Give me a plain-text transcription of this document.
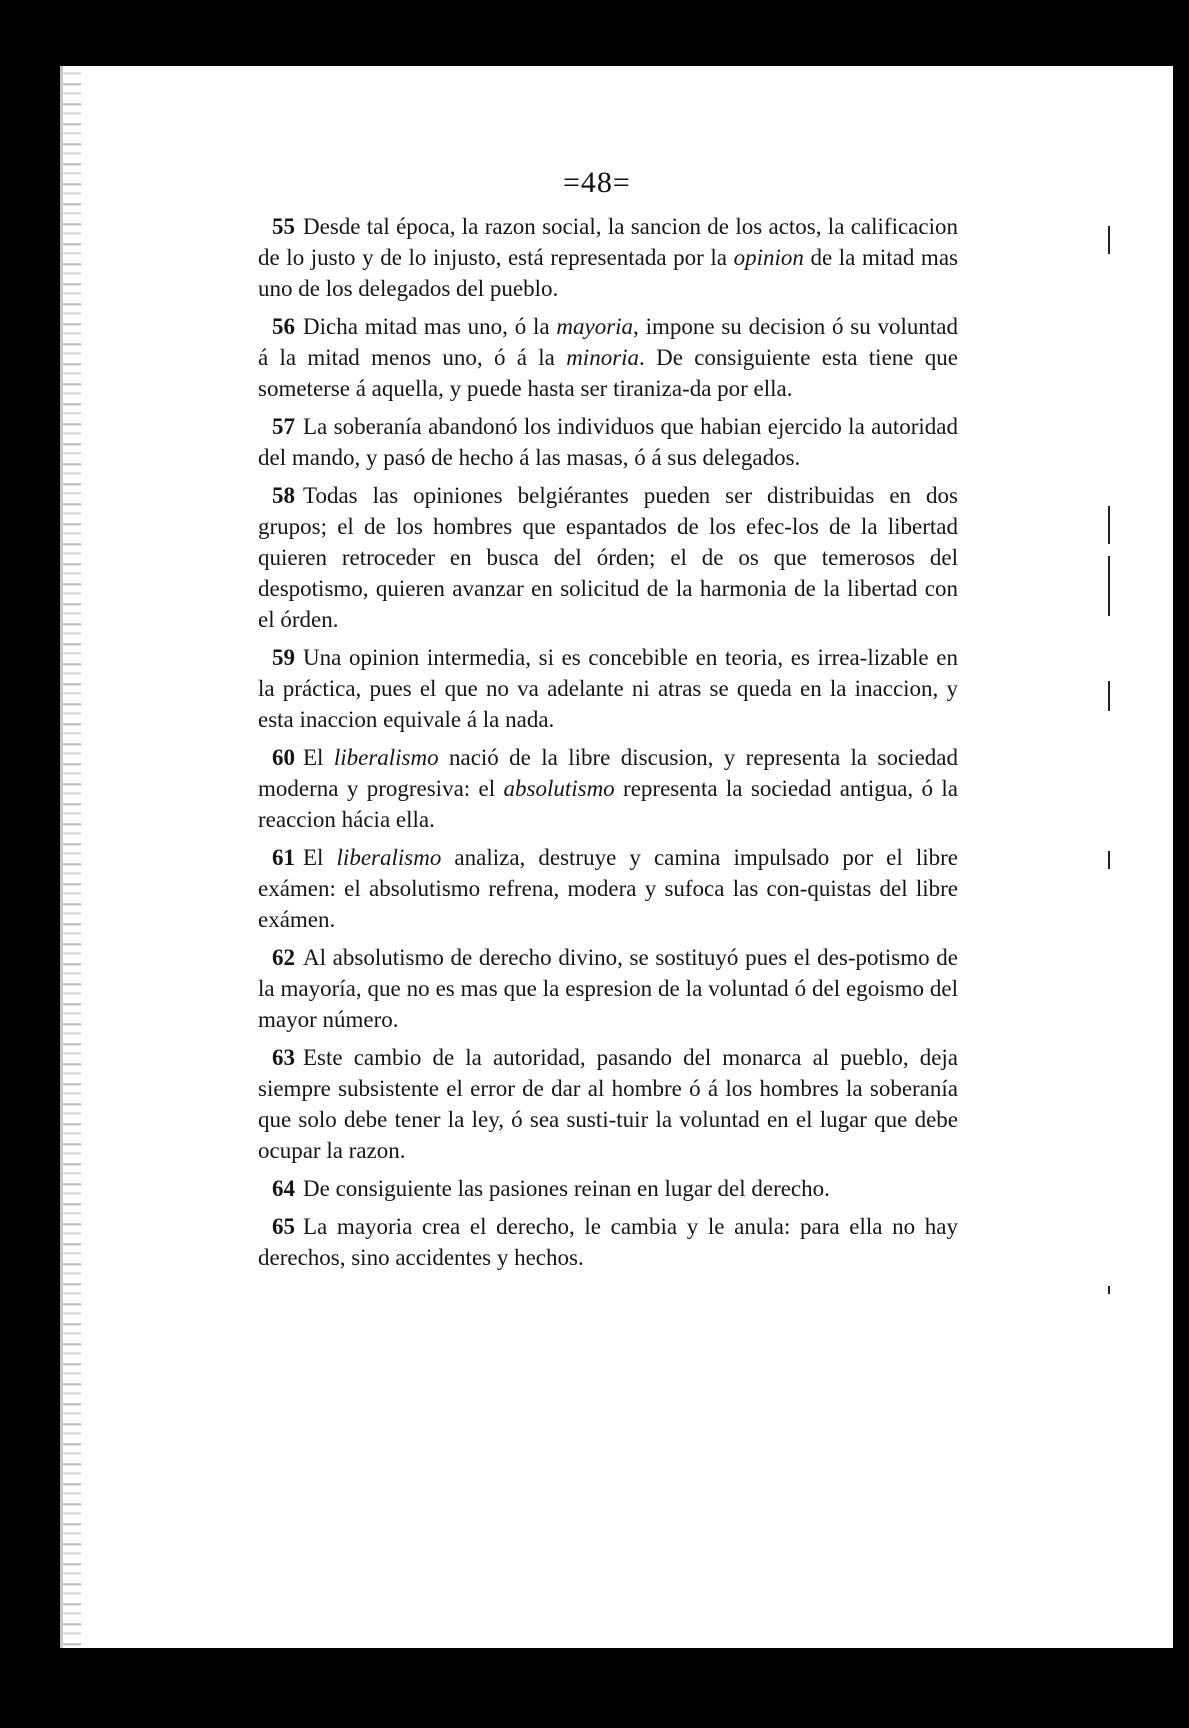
=48=

55 Desde tal época, la razon social, la sancion de los actos, la calificacion de lo justo y de lo injusto, está representada por la opinion de la mitad mas uno de los delegados del pueblo.

56 Dicha mitad mas uno, ó la mayoria, impone su decision ó su voluntad á la mitad menos uno, ó á la minoria. De consiguiente esta tiene que someterse á aquella, y puede hasta ser tiraniza-da por ella.

57 La soberanía abandonó los individuos que habian ejercido la autoridad del mando, y pasó de hecho á las masas, ó á sus delegados.

58 Todas las opiniones belgiérantes pueden ser distribuidas en dos grupos; el de los hombres que espantados de los efec-los de la libertad quieren retroceder en busca del órden; el de os que temerosos del despotismo, quieren avanzar en solicitud de la harmonia de la libertad con el órden.

59 Una opinion intermedia, si es concebible en teoria, es irrea-lizable en la práctica, pues el que no va adelante ni atras se queda en la inaccion, y esta inaccion equivale á la nada.

60 El liberalismo nació de la libre discusion, y representa la sociedad moderna y progresiva: el absolutismo representa la sociedad antigua, ó la reaccion hácia ella.

61 El liberalismo analiza, destruye y camina impulsado por el libre exámen: el absolutismo refrena, modera y sufoca las con-quistas del libre exámen.

62 Al absolutismo de derecho divino, se sostituyó pues el des-potismo de la mayoría, que no es mas que la espresion de la voluntad ó del egoismo del mayor número.

63 Este cambio de la autoridad, pasando del monarca al pueblo, deja siempre subsistente el error de dar al hombre ó á los hombres la soberanía que solo debe tener la ley, ó sea susti-tuir la voluntad en el lugar que debe ocupar la razon.

64 De consiguiente las pasiones reinan en lugar del derecho.

65 La mayoria crea el derecho, le cambia y le anula: para ella no hay derechos, sino accidentes y hechos.
